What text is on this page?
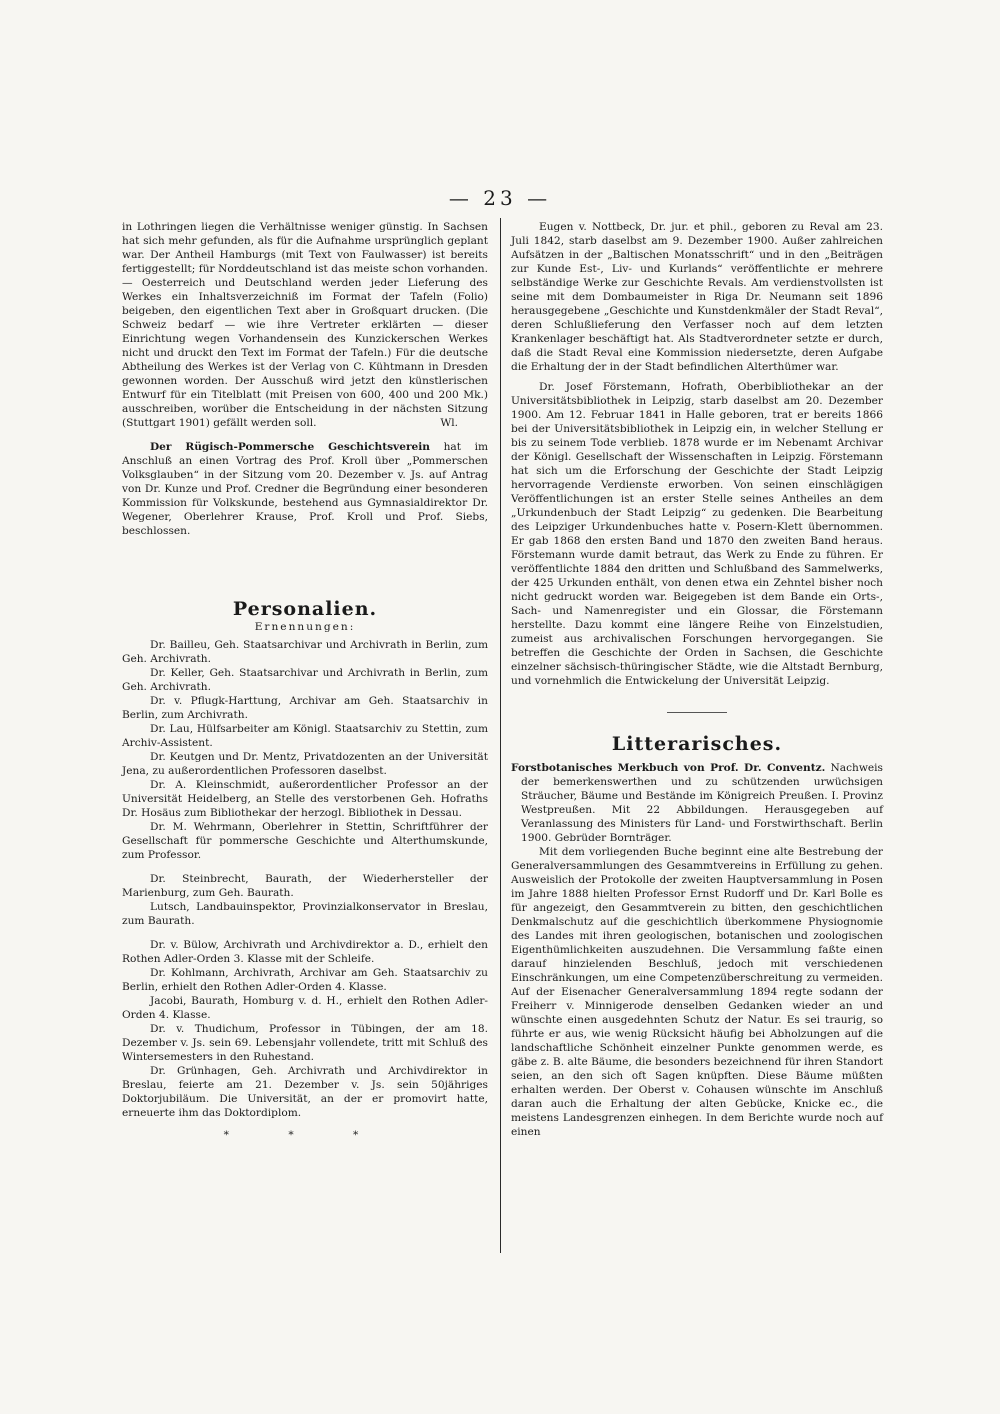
— 23 —

in Lothringen liegen die Verhältnisse weniger günstig. In Sachsen hat sich mehr gefunden, als für die Aufnahme ursprünglich geplant war. Der Antheil Hamburgs (mit Text von Faulwasser) ist bereits fertiggestellt; für Norddeutschland ist das meiste schon vorhanden. — Oesterreich und Deutschland werden jeder Lieferung des Werkes ein Inhaltsverzeichniß im Format der Tafeln (Folio) beigeben, den eigentlichen Text aber in Großquart drucken. (Die Schweiz bedarf — wie ihre Vertreter erklärten — dieser Einrichtung wegen Vorhandensein des Kunzickerschen Werkes nicht und druckt den Text im Format der Tafeln.) Für die deutsche Abtheilung des Werkes ist der Verlag von C. Kühtmann in Dresden gewonnen worden. Der Ausschuß wird jetzt den künstlerischen Entwurf für ein Titelblatt (mit Preisen von 600, 400 und 200 Mk.) ausschreiben, worüber die Entscheidung in der nächsten Sitzung (Stuttgart 1901) gefällt werden soll.	Wl.

Der Rügisch-Pommersche Geschichtsverein hat im Anschluß an einen Vortrag des Prof. Kroll über „Pommerschen Volksglauben“ in der Sitzung vom 20. Dezember v. Js. auf Antrag von Dr. Kunze und Prof. Credner die Begründung einer besonderen Kommission für Volkskunde, bestehend aus Gymnasialdirektor Dr. Wegener, Oberlehrer Krause, Prof. Kroll und Prof. Siebs, beschlossen.

Personalien.
Ernennungen:

Dr. Bailleu, Geh. Staatsarchivar und Archivrath in Berlin, zum Geh. Archivrath.

Dr. Keller, Geh. Staatsarchivar und Archivrath in Berlin, zum Geh. Archivrath.

Dr. v. Pflugk-Harttung, Archivar am Geh. Staatsarchiv in Berlin, zum Archivrath.

Dr. Lau, Hülfsarbeiter am Königl. Staatsarchiv zu Stettin, zum Archiv-Assistent.

Dr. Keutgen und Dr. Mentz, Privatdozenten an der Universität Jena, zu außerordentlichen Professoren daselbst.

Dr. A. Kleinschmidt, außerordentlicher Professor an der Universität Heidelberg, an Stelle des verstorbenen Geh. Hofraths Dr. Hosäus zum Bibliothekar der herzogl. Bibliothek in Dessau.

Dr. M. Wehrmann, Oberlehrer in Stettin, Schriftführer der Gesellschaft für pommersche Geschichte und Alterthumskunde, zum Professor.

Dr. Steinbrecht, Baurath, der Wiederhersteller der Marienburg, zum Geh. Baurath.

Lutsch, Landbauinspektor, Provinzialkonservator in Breslau, zum Baurath.

Dr. v. Bülow, Archivrath und Archivdirektor a. D., erhielt den Rothen Adler-Orden 3. Klasse mit der Schleife.

Dr. Kohlmann, Archivrath, Archivar am Geh. Staatsarchiv zu Berlin, erhielt den Rothen Adler-Orden 4. Klasse.

Jacobi, Baurath, Homburg v. d. H., erhielt den Rothen Adler-Orden 4. Klasse.

Dr. v. Thudichum, Professor in Tübingen, der am 18. Dezember v. Js. sein 69. Lebensjahr vollendete, tritt mit Schluß des Wintersemesters in den Ruhestand.

Dr. Grünhagen, Geh. Archivrath und Archivdirektor in Breslau, feierte am 21. Dezember v. Js. sein 50jähriges Doktorjubiläum. Die Universität, an der er promovirt hatte, erneuerte ihm das Doktordiplom.

* * *

Eugen v. Nottbeck, Dr. jur. et phil., geboren zu Reval am 23. Juli 1842, starb daselbst am 9. Dezember 1900. Außer zahlreichen Aufsätzen in der „Baltischen Monatsschrift“ und in den „Beiträgen zur Kunde Est-, Liv- und Kurlands“ veröffentlichte er mehrere selbständige Werke zur Geschichte Revals. Am verdienstvollsten ist seine mit dem Dombaumeister in Riga Dr. Neumann seit 1896 herausgegebene „Geschichte und Kunstdenkmäler der Stadt Reval“, deren Schlußlieferung den Verfasser noch auf dem letzten Krankenlager beschäftigt hat. Als Stadtverordneter setzte er durch, daß die Stadt Reval eine Kommission niedersetzte, deren Aufgabe die Erhaltung der in der Stadt befindlichen Alterthümer war.

Dr. Josef Förstemann, Hofrath, Oberbibliothekar an der Universitätsbibliothek in Leipzig, starb daselbst am 20. Dezember 1900. Am 12. Februar 1841 in Halle geboren, trat er bereits 1866 bei der Universitätsbibliothek in Leipzig ein, in welcher Stellung er bis zu seinem Tode verblieb. 1878 wurde er im Nebenamt Archivar der Königl. Gesellschaft der Wissenschaften in Leipzig. Förstemann hat sich um die Erforschung der Geschichte der Stadt Leipzig hervorragende Verdienste erworben. Von seinen einschlägigen Veröffentlichungen ist an erster Stelle seines Antheiles an dem „Urkundenbuch der Stadt Leipzig“ zu gedenken. Die Bearbeitung des Leipziger Urkundenbuches hatte v. Posern-Klett übernommen. Er gab 1868 den ersten Band und 1870 den zweiten Band heraus. Förstemann wurde damit betraut, das Werk zu Ende zu führen. Er veröffentlichte 1884 den dritten und Schlußband des Sammelwerks, der 425 Urkunden enthält, von denen etwa ein Zehntel bisher noch nicht gedruckt worden war. Beigegeben ist dem Bande ein Orts-, Sach- und Namenregister und ein Glossar, die Förstemann herstellte. Dazu kommt eine längere Reihe von Einzelstudien, zumeist aus archivalischen Forschungen hervorgegangen. Sie betreffen die Geschichte der Orden in Sachsen, die Geschichte einzelner sächsisch-thüringischer Städte, wie die Altstadt Bernburg, und vornehmlich die Entwickelung der Universität Leipzig.

Litterarisches.

Forstbotanisches Merkbuch von Prof. Dr. Conventz. Nachweis der bemerkenswerthen und zu schützenden urwüchsigen Sträucher, Bäume und Bestände im Königreich Preußen. I. Provinz Westpreußen. Mit 22 Abbildungen. Herausgegeben auf Veranlassung des Ministers für Land- und Forstwirthschaft. Berlin 1900. Gebrüder Bornträger.

Mit dem vorliegenden Buche beginnt eine alte Bestrebung der Generalversammlungen des Gesammtvereins in Erfüllung zu gehen. Ausweislich der Protokolle der zweiten Hauptversammlung in Posen im Jahre 1888 hielten Professor Ernst Rudorff und Dr. Karl Bolle es für angezeigt, den Gesammtverein zu bitten, den geschichtlichen Denkmalschutz auf die geschichtlich überkommene Physiognomie des Landes mit ihren geologischen, botanischen und zoologischen Eigenthümlichkeiten auszudehnen. Die Versammlung faßte einen darauf hinzielenden Beschluß, jedoch mit verschiedenen Einschränkungen, um eine Competenzüberschreitung zu vermeiden. Auf der Eisenacher Generalversammlung 1894 regte sodann der Freiherr v. Minnigerode denselben Gedanken wieder an und wünschte einen ausgedehnten Schutz der Natur. Es sei traurig, so führte er aus, wie wenig Rücksicht häufig bei Abholzungen auf die landschaftliche Schönheit einzelner Punkte genommen werde, es gäbe z. B. alte Bäume, die besonders bezeichnend für ihren Standort seien, an den sich oft Sagen knüpften. Diese Bäume müßten erhalten werden. Der Oberst v. Cohausen wünschte im Anschluß daran auch die Erhaltung der alten Gebücke, Knicke ec., die meistens Landesgrenzen einhegen. In dem Berichte wurde noch auf einen
